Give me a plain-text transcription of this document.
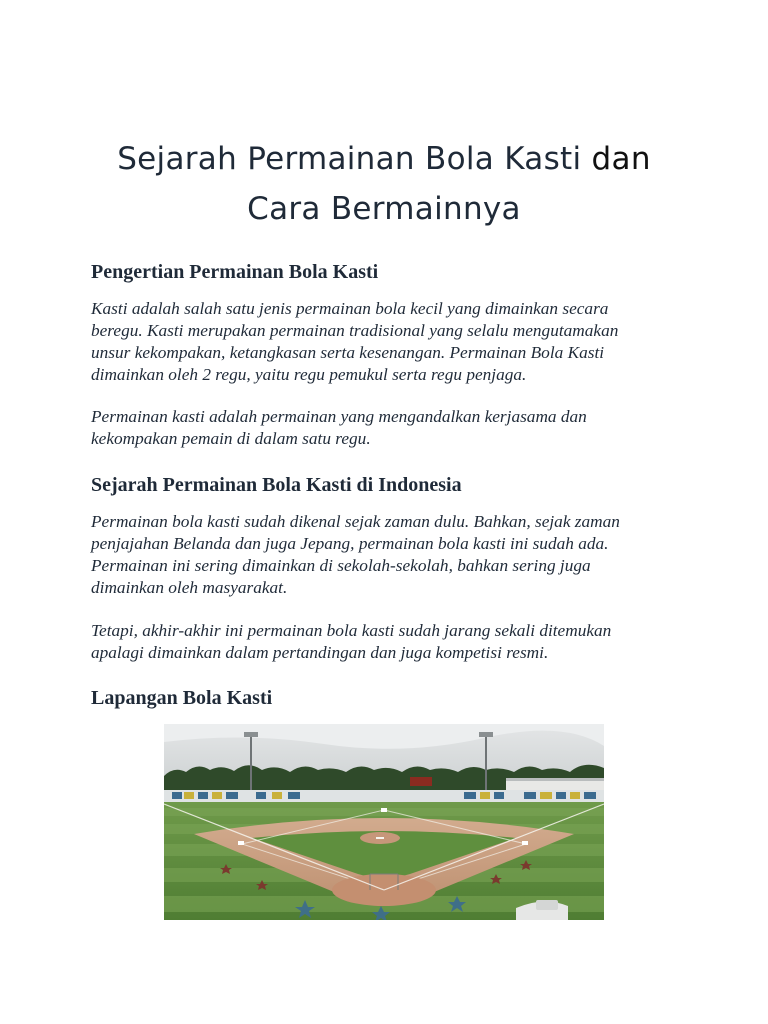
Sejarah Permainan Bola Kasti dan
Cara Bermainnya
Pengertian Permainan Bola Kasti

Kasti adalah salah satu jenis permainan bola kecil yang dimainkan secara
beregu. Kasti merupakan permainan tradisional yang selalu mengutamakan
unsur kekompakan, ketangkasan serta kesenangan. Permainan Bola Kasti
dimainkan oleh 2 regu, yaitu regu pemukul serta regu penjaga.

Permainan kasti adalah permainan yang mengandalkan kerjasama dan
kekompakan pemain di dalam satu regu.

Sejarah Permainan Bola Kasti di Indonesia

Permainan bola kasti sudah dikenal sejak zaman dulu. Bahkan, sejak zaman
penjajahan Belanda dan juga Jepang, permainan bola kasti ini sudah ada.
Permainan ini sering dimainkan di sekolah-sekolah, bahkan sering juga
dimainkan oleh masyarakat.

Tetapi, akhir-akhir ini permainan bola kasti sudah jarang sekali ditemukan
apalagi dimainkan dalam pertandingan dan juga kompetisi resmi.

Lapangan Bola Kasti
